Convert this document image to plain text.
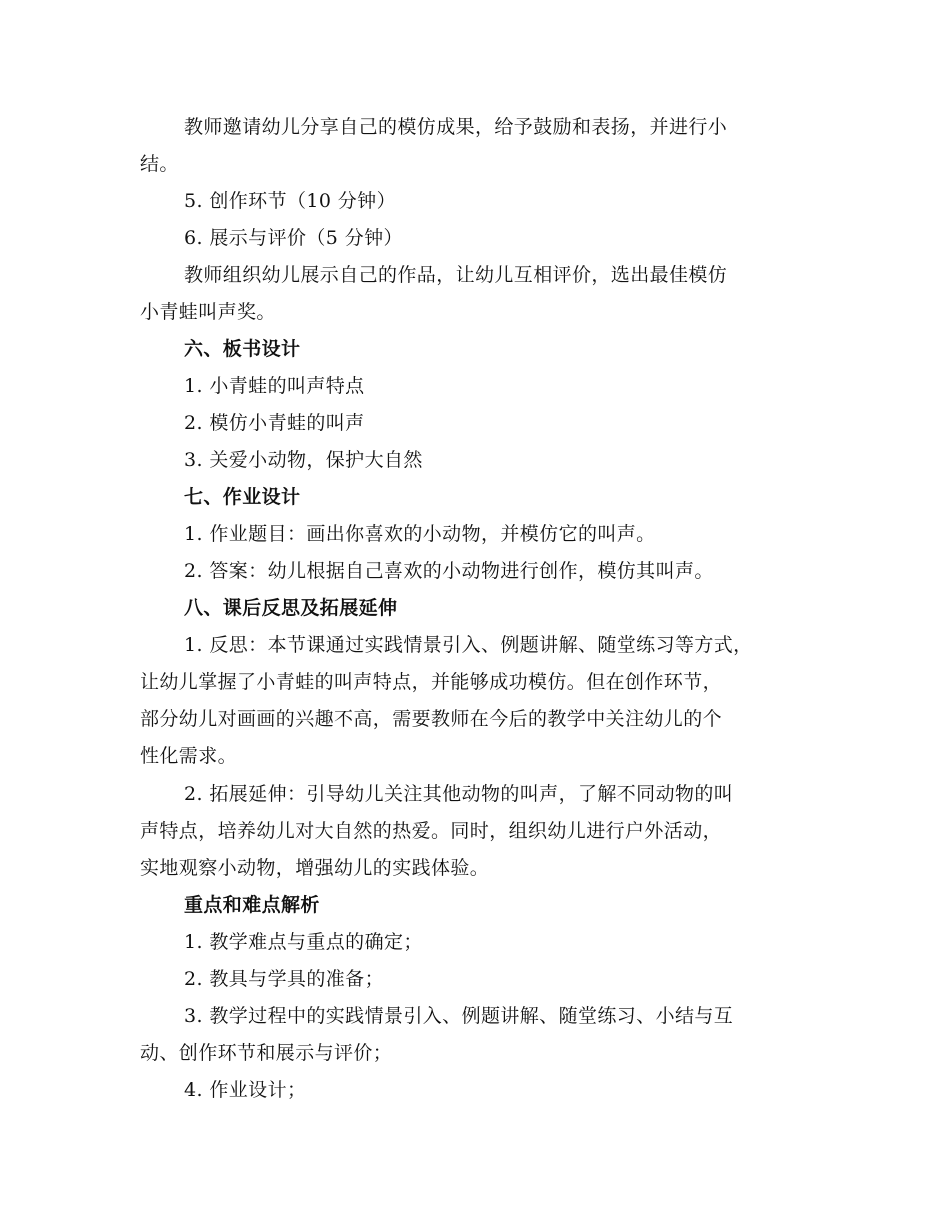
教师邀请幼儿分享自己的模仿成果，给予鼓励和表扬，并进行小
结。
5. 创作环节（10 分钟）
6. 展示与评价（5 分钟）
教师组织幼儿展示自己的作品，让幼儿互相评价，选出最佳模仿
小青蛙叫声奖。
六、板书设计
1. 小青蛙的叫声特点
2. 模仿小青蛙的叫声
3. 关爱小动物，保护大自然
七、作业设计
1. 作业题目：画出你喜欢的小动物，并模仿它的叫声。
2. 答案：幼儿根据自己喜欢的小动物进行创作，模仿其叫声。
八、课后反思及拓展延伸
1. 反思：本节课通过实践情景引入、例题讲解、随堂练习等方式，
让幼儿掌握了小青蛙的叫声特点，并能够成功模仿。但在创作环节，
部分幼儿对画画的兴趣不高，需要教师在今后的教学中关注幼儿的个
性化需求。
2. 拓展延伸：引导幼儿关注其他动物的叫声，了解不同动物的叫
声特点，培养幼儿对大自然的热爱。同时，组织幼儿进行户外活动，
实地观察小动物，增强幼儿的实践体验。
重点和难点解析
1. 教学难点与重点的确定；
2. 教具与学具的准备；
3. 教学过程中的实践情景引入、例题讲解、随堂练习、小结与互
动、创作环节和展示与评价；
4. 作业设计；
